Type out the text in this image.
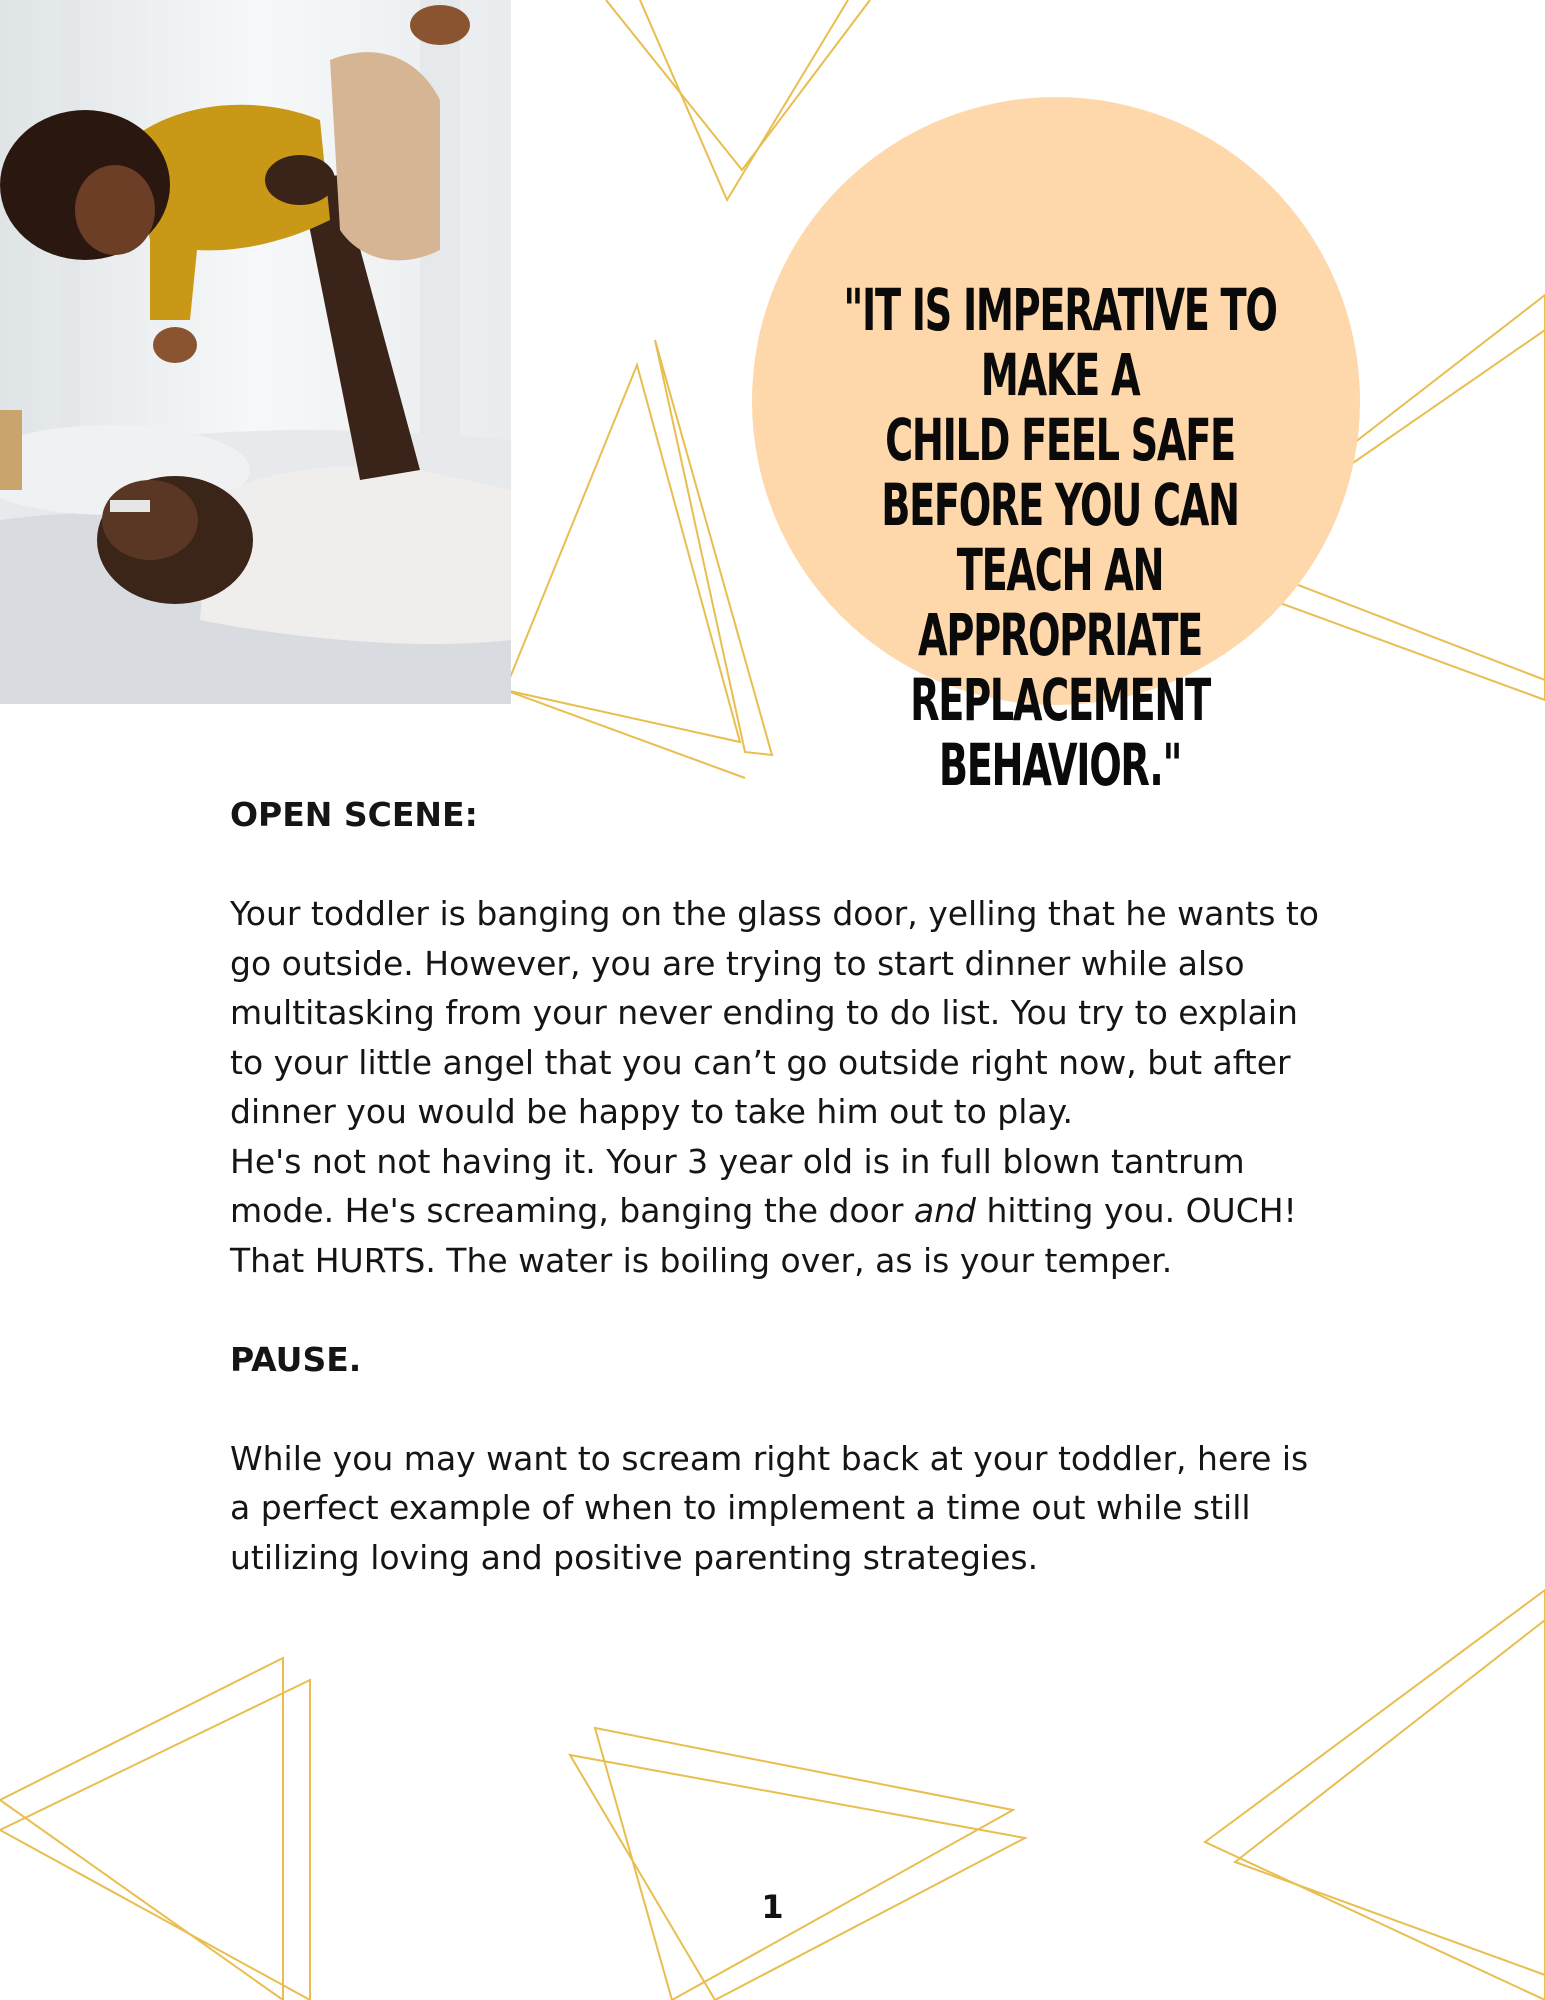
"IT IS IMPERATIVE TO MAKE A
CHILD FEEL SAFE BEFORE YOU CAN
TEACH AN APPROPRIATE
REPLACEMENT BEHAVIOR."

OPEN SCENE:

Your toddler is banging on the glass door, yelling that he wants to

go outside. However, you are trying to start dinner while also

multitasking from your never ending to do list. You try to explain

to your little angel that you can’t go outside right now, but after

dinner you would be happy to take him out to play.

He's not not having it. Your 3 year old is in full blown tantrum

mode. He's screaming, banging the door and hitting you. OUCH!

That HURTS. The water is boiling over, as is your temper.

PAUSE.

While you may want to scream right back at your toddler, here is

a perfect example of when to implement a time out while still

utilizing loving and positive parenting strategies.

1
